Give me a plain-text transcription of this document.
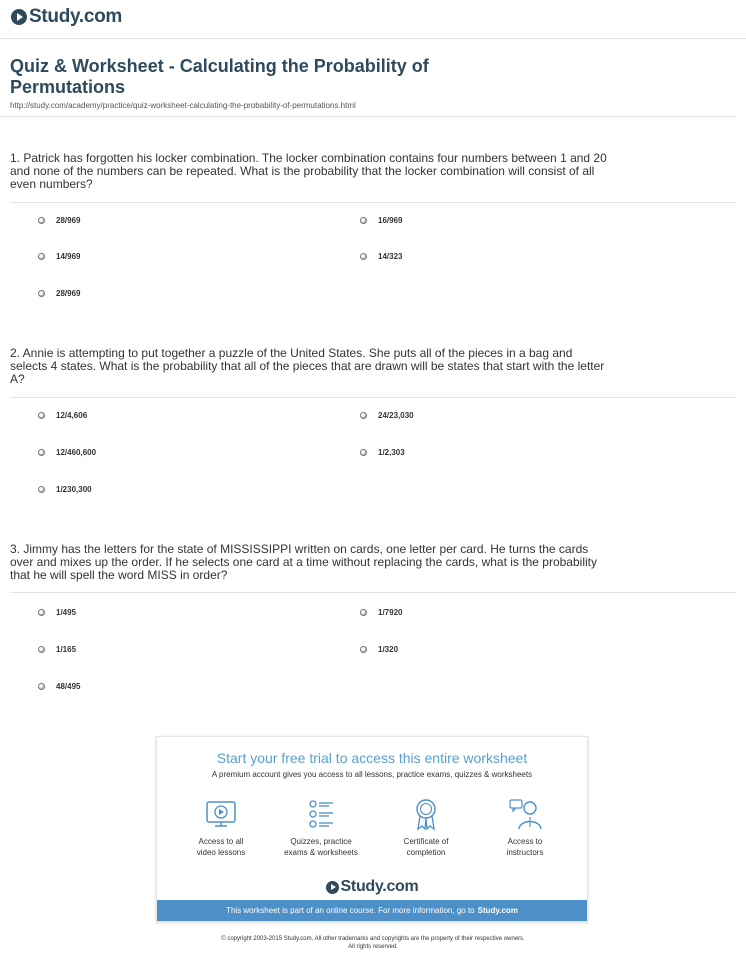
Study.com
Quiz & Worksheet - Calculating the Probability of Permutations
http://study.com/academy/practice/quiz-worksheet-calculating-the-probability-of-permutations.html
1. Patrick has forgotten his locker combination. The locker combination contains four numbers between 1 and 20 and none of the numbers can be repeated. What is the probability that the locker combination will consist of all even numbers?
28/969	16/969
14/969	14/323
28/969
2. Annie is attempting to put together a puzzle of the United States. She puts all of the pieces in a bag and selects 4 states. What is the probability that all of the pieces that are drawn will be states that start with the letter A?
12/4,606	24/23,030
12/460,600	1/2,303
1/230,300
3. Jimmy has the letters for the state of MISSISSIPPI written on cards, one letter per card. He turns the cards over and mixes up the order. If he selects one card at a time without replacing the cards, what is the probability that he will spell the word MISS in order?
1/495	1/7920
1/165	1/320
48/495
Start your free trial to access this entire worksheet
A premium account gives you access to all lessons, practice exams, quizzes & worksheets
Access to all
video lessons
Quizzes, practice
exams & worksheets
Certificate of
completion
Access to
instructors
Study.com
This worksheet is part of an online course. For more information, go to Study.com
© copyright 2003-2015 Study.com. All other trademarks and copyrights are the property of their respective owners.
All rights reserved.
